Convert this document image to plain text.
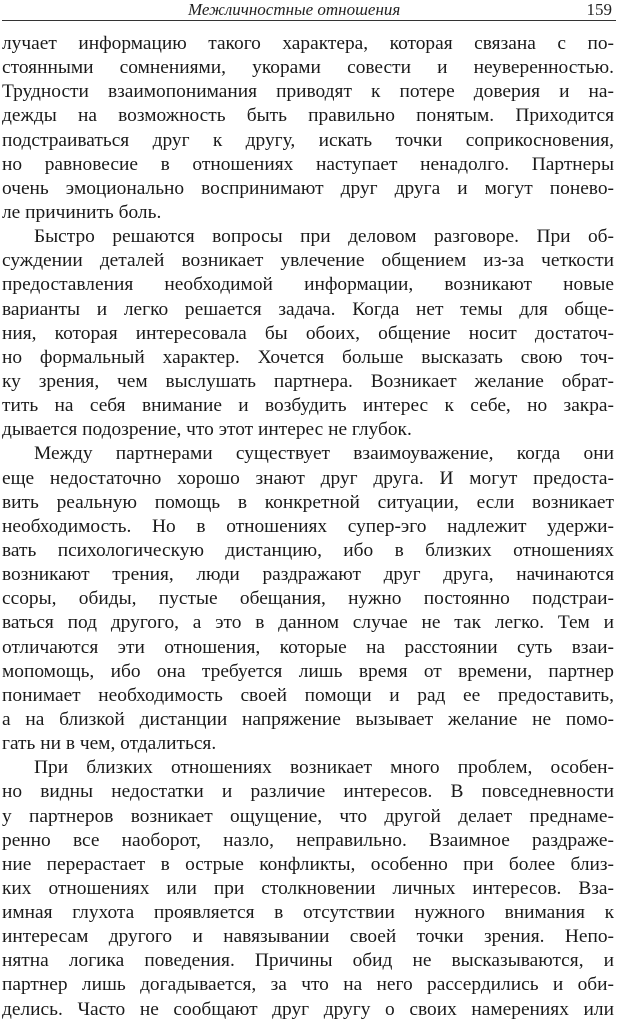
Межличностные отношения	159
лучает информацию такого характера, которая связана с по-
стоянными сомнениями, укорами совести и неуверенностью.
Трудности взаимопонимания приводят к потере доверия и на-
дежды на возможность быть правильно понятым. Приходится
подстраиваться друг к другу, искать точки соприкосновения,
но равновесие в отношениях наступает ненадолго. Партнеры
очень эмоционально воспринимают друг друга и могут понево-
ле причинить боль.
Быстро решаются вопросы при деловом разговоре. При об-
суждении деталей возникает увлечение общением из-за четкости
предоставления необходимой информации, возникают новые
варианты и легко решается задача. Когда нет темы для обще-
ния, которая интересовала бы обоих, общение носит достаточ-
но формальный характер. Хочется больше высказать свою точ-
ку зрения, чем выслушать партнера. Возникает желание обрат-
тить на себя внимание и возбудить интерес к себе, но закра-
дывается подозрение, что этот интерес не глубок.
Между партнерами существует взаимоуважение, когда они
еще недостаточно хорошо знают друг друга. И могут предоста-
вить реальную помощь в конкретной ситуации, если возникает
необходимость. Но в отношениях супер-эго надлежит удержи-
вать психологическую дистанцию, ибо в близких отношениях
возникают трения, люди раздражают друг друга, начинаются
ссоры, обиды, пустые обещания, нужно постоянно подстраи-
ваться под другого, а это в данном случае не так легко. Тем и
отличаются эти отношения, которые на расстоянии суть взаи-
мопомощь, ибо она требуется лишь время от времени, партнер
понимает необходимость своей помощи и рад ее предоставить,
а на близкой дистанции напряжение вызывает желание не помо-
гать ни в чем, отдалиться.
При близких отношениях возникает много проблем, особен-
но видны недостатки и различие интересов. В повседневности
у партнеров возникает ощущение, что другой делает преднаме-
ренно все наоборот, назло, неправильно. Взаимное раздраже-
ние перерастает в острые конфликты, особенно при более близ-
ких отношениях или при столкновении личных интересов. Вза-
имная глухота проявляется в отсутствии нужного внимания к
интересам другого и навязывании своей точки зрения. Непо-
нятна логика поведения. Причины обид не высказываются, и
партнер лишь догадывается, за что на него рассердились и оби-
делись. Часто не сообщают друг другу о своих намерениях или
